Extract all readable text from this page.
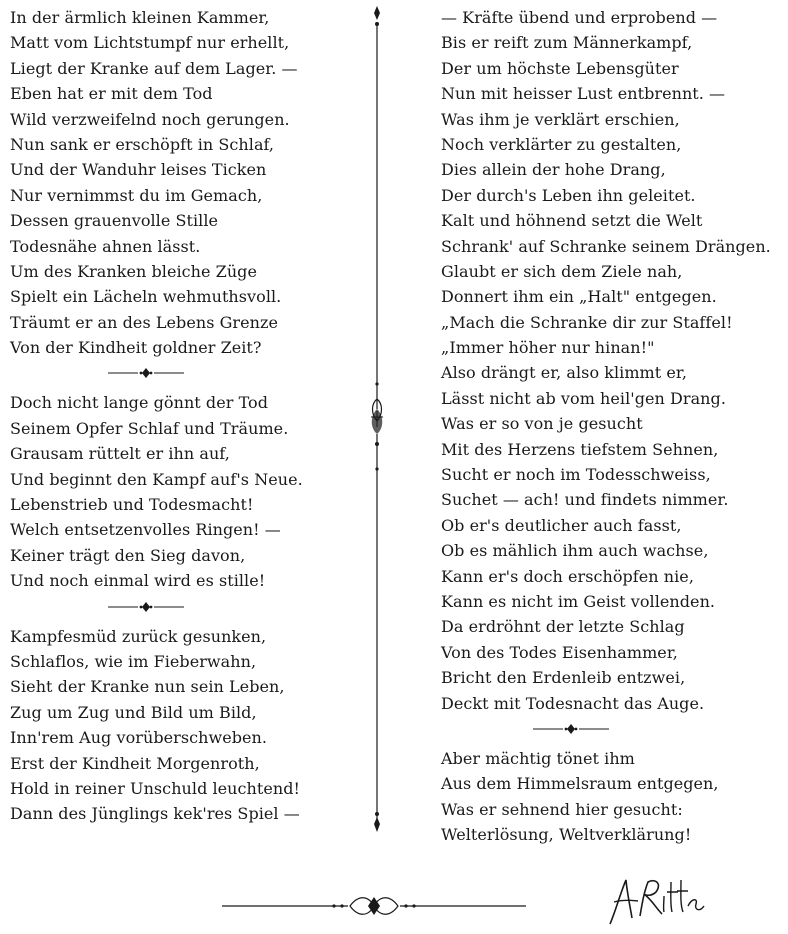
In der ärmlich kleinen Kammer,
Matt vom Lichtstumpf nur erhellt,
Liegt der Kranke auf dem Lager. —
Eben hat er mit dem Tod
Wild verzweifelnd noch gerungen.
Nun sank er erschöpft in Schlaf,
Und der Wanduhr leises Ticken
Nur vernimmst du im Gemach,
Dessen grauenvolle Stille
Todesnähe ahnen lässt.
Um des Kranken bleiche Züge
Spielt ein Lächeln wehmuthsvoll.
Träumt er an des Lebens Grenze
Von der Kindheit goldner Zeit?
Doch nicht lange gönnt der Tod
Seinem Opfer Schlaf und Träume.
Grausam rüttelt er ihn auf,
Und beginnt den Kampf auf's Neue.
Lebenstrieb und Todesmacht!
Welch entsetzenvolles Ringen! —
Keiner trägt den Sieg davon,
Und noch einmal wird es stille!
Kampfesmüd zurück gesunken,
Schlaflos, wie im Fieberwahn,
Sieht der Kranke nun sein Leben,
Zug um Zug und Bild um Bild,
Inn'rem Aug vorüberschweben.
Erst der Kindheit Morgenroth,
Hold in reiner Unschuld leuchtend!
Dann des Jünglings kek'res Spiel —
— Kräfte übend und erprobend —
Bis er reift zum Männerkampf,
Der um höchste Lebensgüter
Nun mit heisser Lust entbrennt. —
Was ihm je verklärt erschien,
Noch verklärter zu gestalten,
Dies allein der hohe Drang,
Der durch's Leben ihn geleitet.
Kalt und höhnend setzt die Welt
Schrank' auf Schranke seinem Drängen.
Glaubt er sich dem Ziele nah,
Donnert ihm ein „Halt" entgegen.
„Mach die Schranke dir zur Staffel!
„Immer höher nur hinan!"
Also drängt er, also klimmt er,
Lässt nicht ab vom heil'gen Drang.
Was er so von je gesucht
Mit des Herzens tiefstem Sehnen,
Sucht er noch im Todesschweiss,
Suchet — ach! und findets nimmer.
Ob er's deutlicher auch fasst,
Ob es mählich ihm auch wachse,
Kann er's doch erschöpfen nie,
Kann es nicht im Geist vollenden.
Da erdröhnt der letzte Schlag
Von des Todes Eisenhammer,
Bricht den Erdenleib entzwei,
Deckt mit Todesnacht das Auge.
Aber mächtig tönet ihm
Aus dem Himmelsraum entgegen,
Was er sehnend hier gesucht:
Welterlösung, Weltverklärung!
